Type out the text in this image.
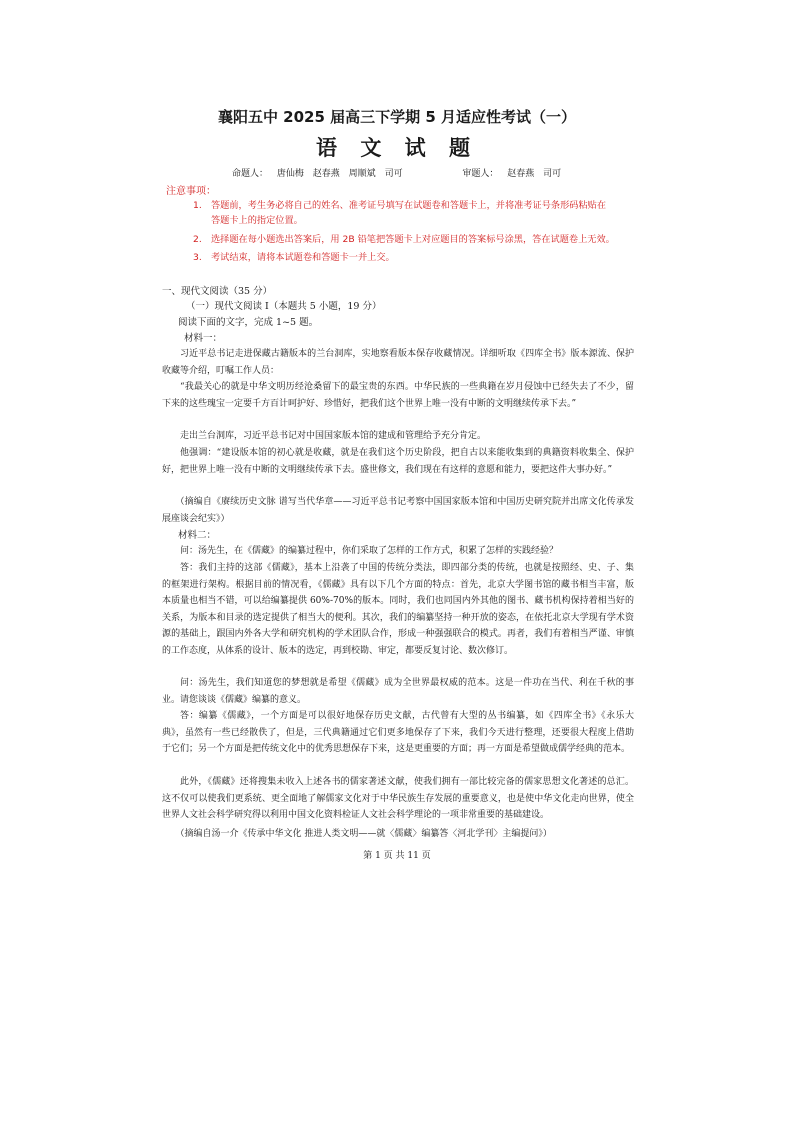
襄阳五中 2025 届高三下学期 5 月适应性考试（一）
语 文 试 题
命题人： 唐仙梅 赵春燕 周顺斌 司可	审题人： 赵春燕 司可
注意事项：
1. 答题前，考生务必将自己的姓名、准考证号填写在试题卷和答题卡上，并将准考证号条形码粘贴在
答题卡上的指定位置。
2. 选择题在每小题选出答案后，用 2B 铅笔把答题卡上对应题目的答案标号涂黑，答在试题卷上无效。
3. 考试结束，请将本试题卷和答题卡一并上交。
一、现代文阅读（35 分）
（一）现代文阅读 I（本题共 5 小题，19 分）
阅读下面的文字，完成 1~5 题。
材料一：
习近平总书记走进保藏古籍版本的兰台洞库，实地察看版本保存收藏情况。详细听取《四库全书》版本源流、保护收藏等介绍，叮嘱工作人员：
“我最关心的就是中华文明历经沧桑留下的最宝贵的东西。中华民族的一些典籍在岁月侵蚀中已经失去了不少，留下来的这些瑰宝一定要千方百计呵护好、珍惜好，把我们这个世界上唯一没有中断的文明继续传承下去。”
走出兰台洞库，习近平总书记对中国国家版本馆的建成和管理给予充分肯定。
他强调：“建设版本馆的初心就是收藏，就是在我们这个历史阶段，把自古以来能收集到的典籍资料收集全、保护好，把世界上唯一没有中断的文明继续传承下去。盛世修文，我们现在有这样的意愿和能力，要把这件大事办好。”
（摘编自《赓续历史文脉 谱写当代华章——习近平总书记考察中国国家版本馆和中国历史研究院并出席文化传承发展座谈会纪实》）
材料二：
问：汤先生，在《儒藏》的编纂过程中，你们采取了怎样的工作方式，积累了怎样的实践经验？
答：我们主持的这部《儒藏》，基本上沿袭了中国的传统分类法，即四部分类的传统，也就是按照经、史、子、集的框架进行架构。根据目前的情况看，《儒藏》具有以下几个方面的特点：首先，北京大学图书馆的藏书相当丰富，版本质量也相当不错，可以给编纂提供 60%-70%的版本。同时，我们也同国内外其他的图书、藏书机构保持着相当好的关系，为版本和目录的选定提供了相当大的便利。其次，我们的编纂坚持一种开放的姿态，在依托北京大学现有学术资源的基础上，跟国内外各大学和研究机构的学术团队合作，形成一种强强联合的模式。再者，我们有着相当严谨、审慎的工作态度，从体系的设计、版本的选定，再到校勘、审定，都要反复讨论、数次修订。
问：汤先生，我们知道您的梦想就是希望《儒藏》成为全世界最权威的范本。这是一件功在当代、利在千秋的事业。请您谈谈《儒藏》编纂的意义。
答：编纂《儒藏》，一个方面是可以很好地保存历史文献，古代曾有大型的丛书编纂，如《四库全书》《永乐大典》，虽然有一些已经散佚了，但是，三代典籍通过它们更多地保存了下来，我们今天进行整理，还要很大程度上借助于它们；另一个方面是把传统文化中的优秀思想保存下来，这是更重要的方面；再一方面是希望做成儒学经典的范本。
此外，《儒藏》还将搜集未收入上述各书的儒家著述文献，使我们拥有一部比较完备的儒家思想文化著述的总汇。这不仅可以使我们更系统、更全面地了解儒家文化对于中华民族生存发展的重要意义，也是使中华文化走向世界，使全世界人文社会科学研究得以利用中国文化资料检证人文社会科学理论的一项非常重要的基础建设。
（摘编自汤一介《传承中华文化 推进人类文明——就〈儒藏〉编纂答〈河北学刊〉主编提问》）
第 1 页 共 11 页
